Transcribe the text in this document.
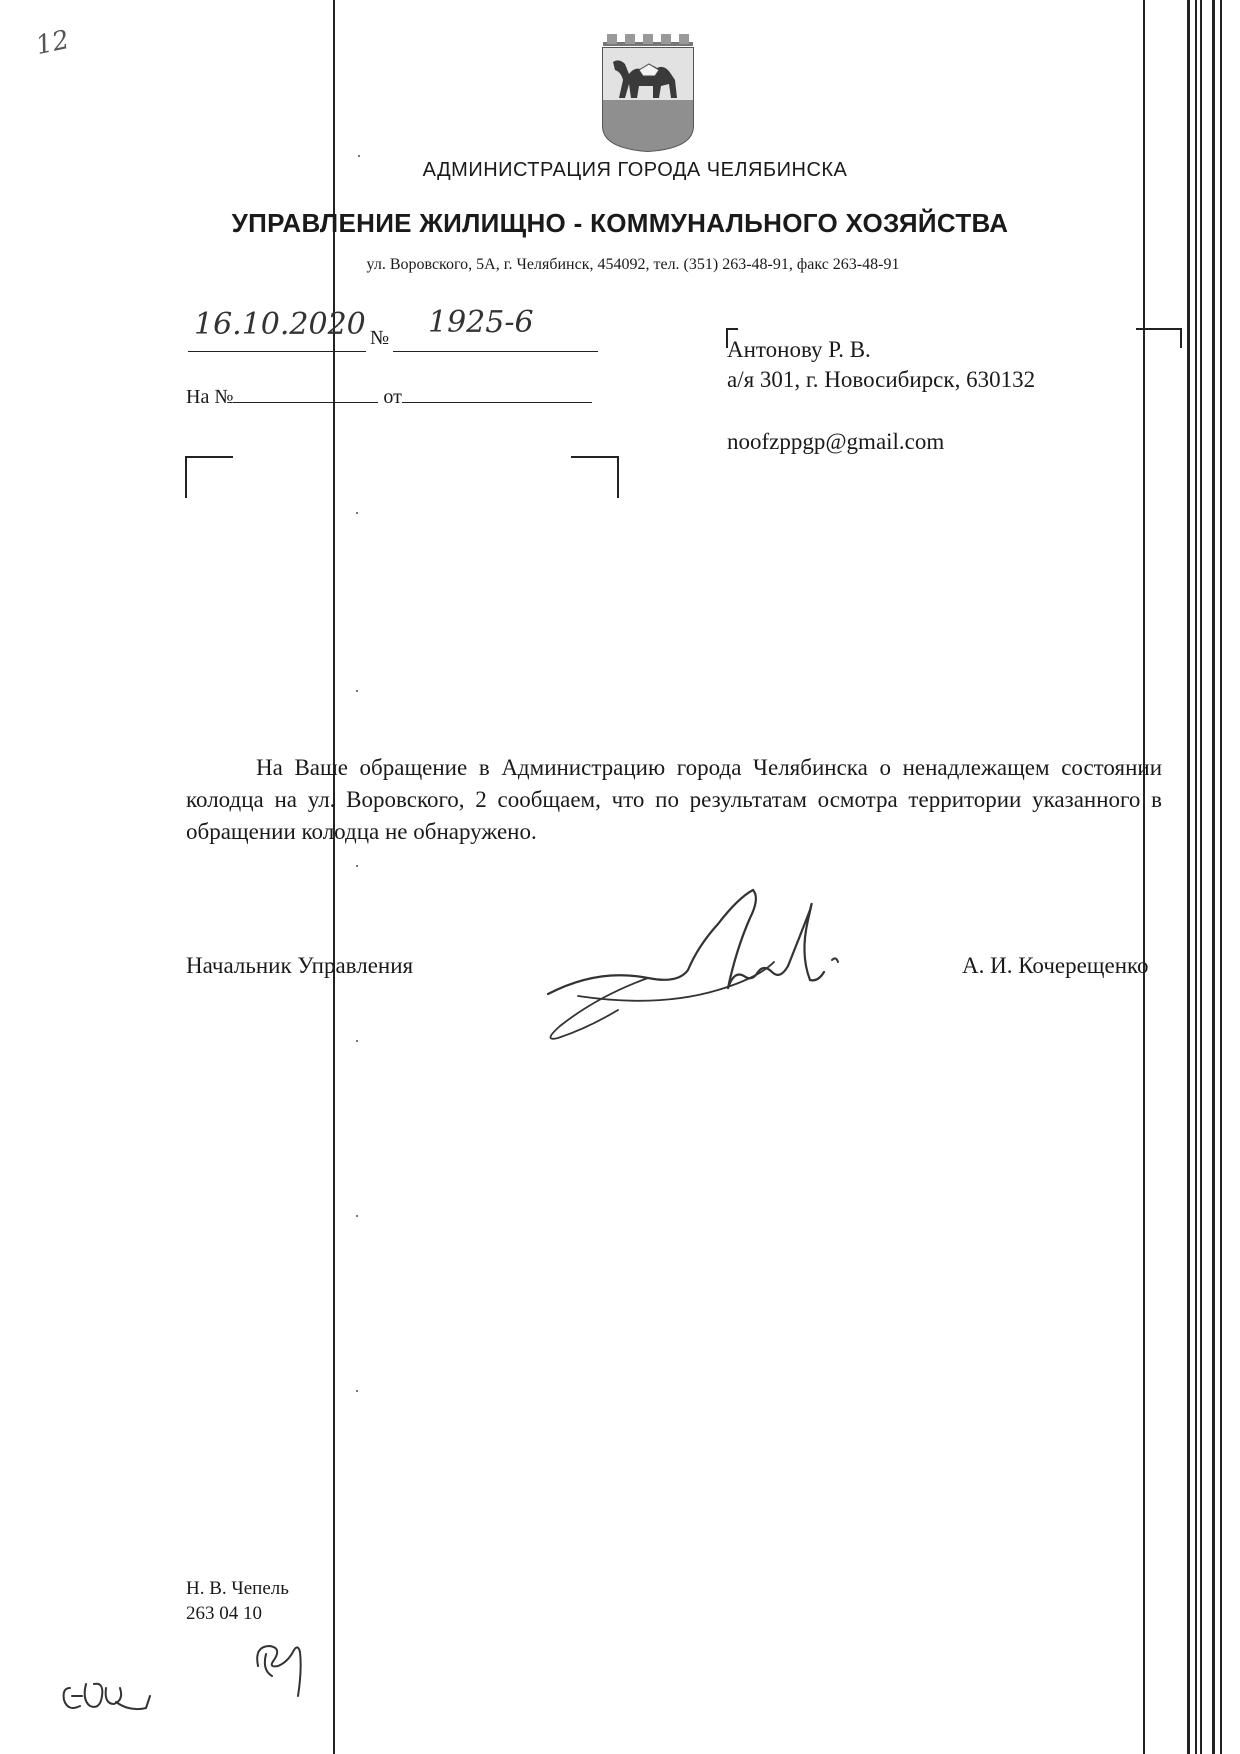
12
АДМИНИСТРАЦИЯ ГОРОДА ЧЕЛЯБИНСКА
УПРАВЛЕНИЕ ЖИЛИЩНО - КОММУНАЛЬНОГО ХОЗЯЙСТВА
ул. Воровского, 5А, г. Челябинск, 454092, тел. (351) 263-48-91, факс 263-48-91
16.10.2020 № 1925-6
На №	от
Антонову Р. В.
а/я 301, г. Новосибирск, 630132
noofzppgp@gmail.com
На Ваше обращение в Администрацию города Челябинска о ненадлежащем состоянии колодца на ул. Воровского, 2 сообщаем, что по результатам осмотра территории указанного в обращении колодца не обнаружено.
Начальник Управления	А. И. Кочерещенко
Н. В. Чепель
263 04 10
